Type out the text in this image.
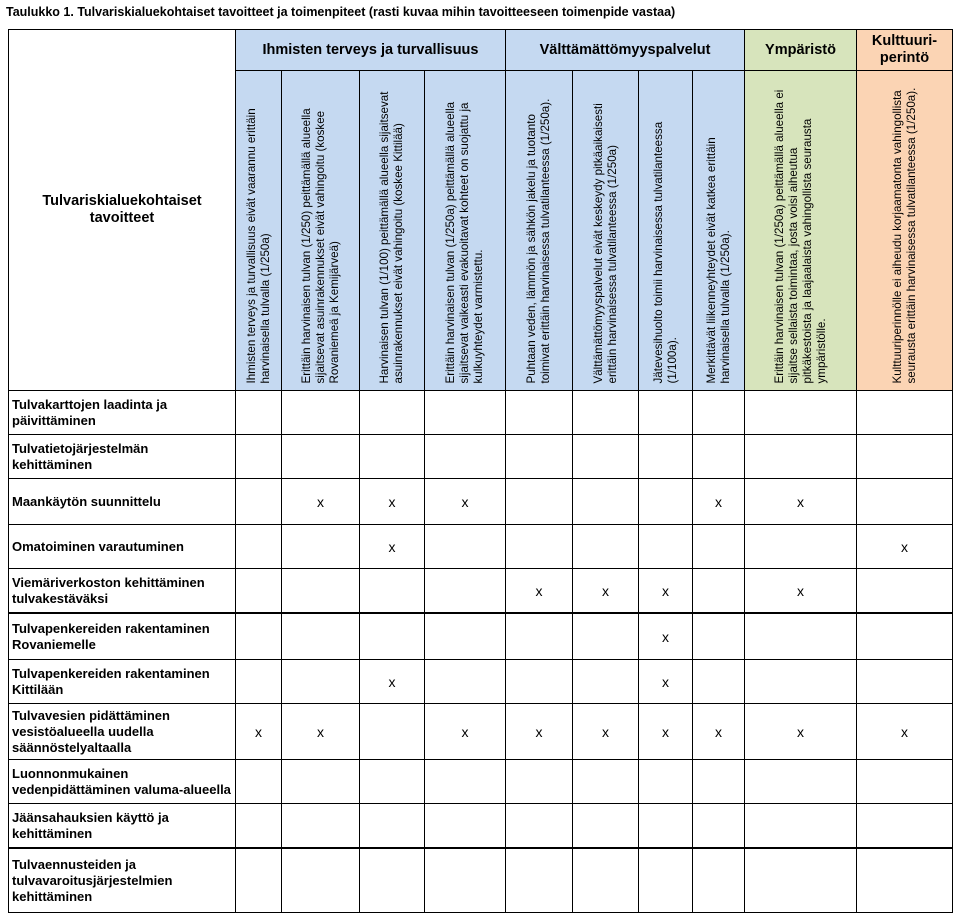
Taulukko 1. Tulvariskialuekohtaiset tavoitteet ja toimenpiteet (rasti kuvaa mihin tavoitteeseen toimenpide vastaa)
Tulvariskialuekohtaiset tavoitteet	Ihmisten terveys ja turvallisuus				Välttämättömyyspalvelut				Ympäristö	Kulttuuri-perintö

	Ihmisten terveys ja turvallisuus eivät vaarannu erittäin harvinaisella tulvalla (1/250a)	Erittäin harvinaisen tulvan (1/250) peittämällä alueella sijaitsevat asuinrakennukset eivät vahingoitu (koskee Rovaniemeä ja Kemijärveä)	Harvinaisen tulvan (1/100) peittämällä alueella sijaitsevat asuinrakennukset eivät vahingoitu (koskee Kittilää)	Erittäin harvinaisen tulvan (1/250a) peittämällä alueella sijaitsevat vaikeasti evakuoitavat kohteet on suojattu ja kulkuyhteydet varmistettu.	Puhtaan veden, lämmön ja sähkön jakelu ja tuotanto toimivat erittäin harvinaisessa tulvatilanteessa (1/250a).	Välttämättömyyspalvelut eivät keskeydy pitkäaikaisesti erittäin harvinaisessa tulvatilanteessa (1/250a)	Jätevesihuolto toimii harvinaisessa tulvatilanteessa (1/100a).	Merkittävät liikenneyhteydet eivät katkea erittäin harvinaisella tulvalla (1/250a).	Erittäin harvinaisen tulvan (1/250a) peittämällä alueella ei sijaitse sellaista toimintaa, josta voisi aiheutua pitkäkestoista ja laajaalaista vahingollista seurausta ympäristölle.	Kulttuuriperinnölle ei aiheudu korjaamatonta vahingollista seurausta erittäin harvinaisessa tulvatilanteessa (1/250a).

Tulvakarttojen laadinta ja päivittäminen										
Tulvatietojärjestelmän kehittäminen										
Maankäytön suunnittelu		x	x	x				x	x	
Omatoiminen varautuminen			x							x
Viemäriverkoston kehittäminen tulvakestäväksi					x	x	x		x	
Tulvapenkereiden rakentaminen Rovaniemelle							x			
Tulvapenkereiden rakentaminen Kittilään			x				x			
Tulvavesien pidättäminen vesistöalueella uudella säännöstelyaltaalla	x	x		x	x	x	x	x	x	x
Luonnonmukainen vedenpidättäminen valuma-alueella										
Jäänsahauksien käyttö ja kehittäminen										
Tulvaennusteiden ja tulvavaroitusjärjestelmien kehittäminen										
